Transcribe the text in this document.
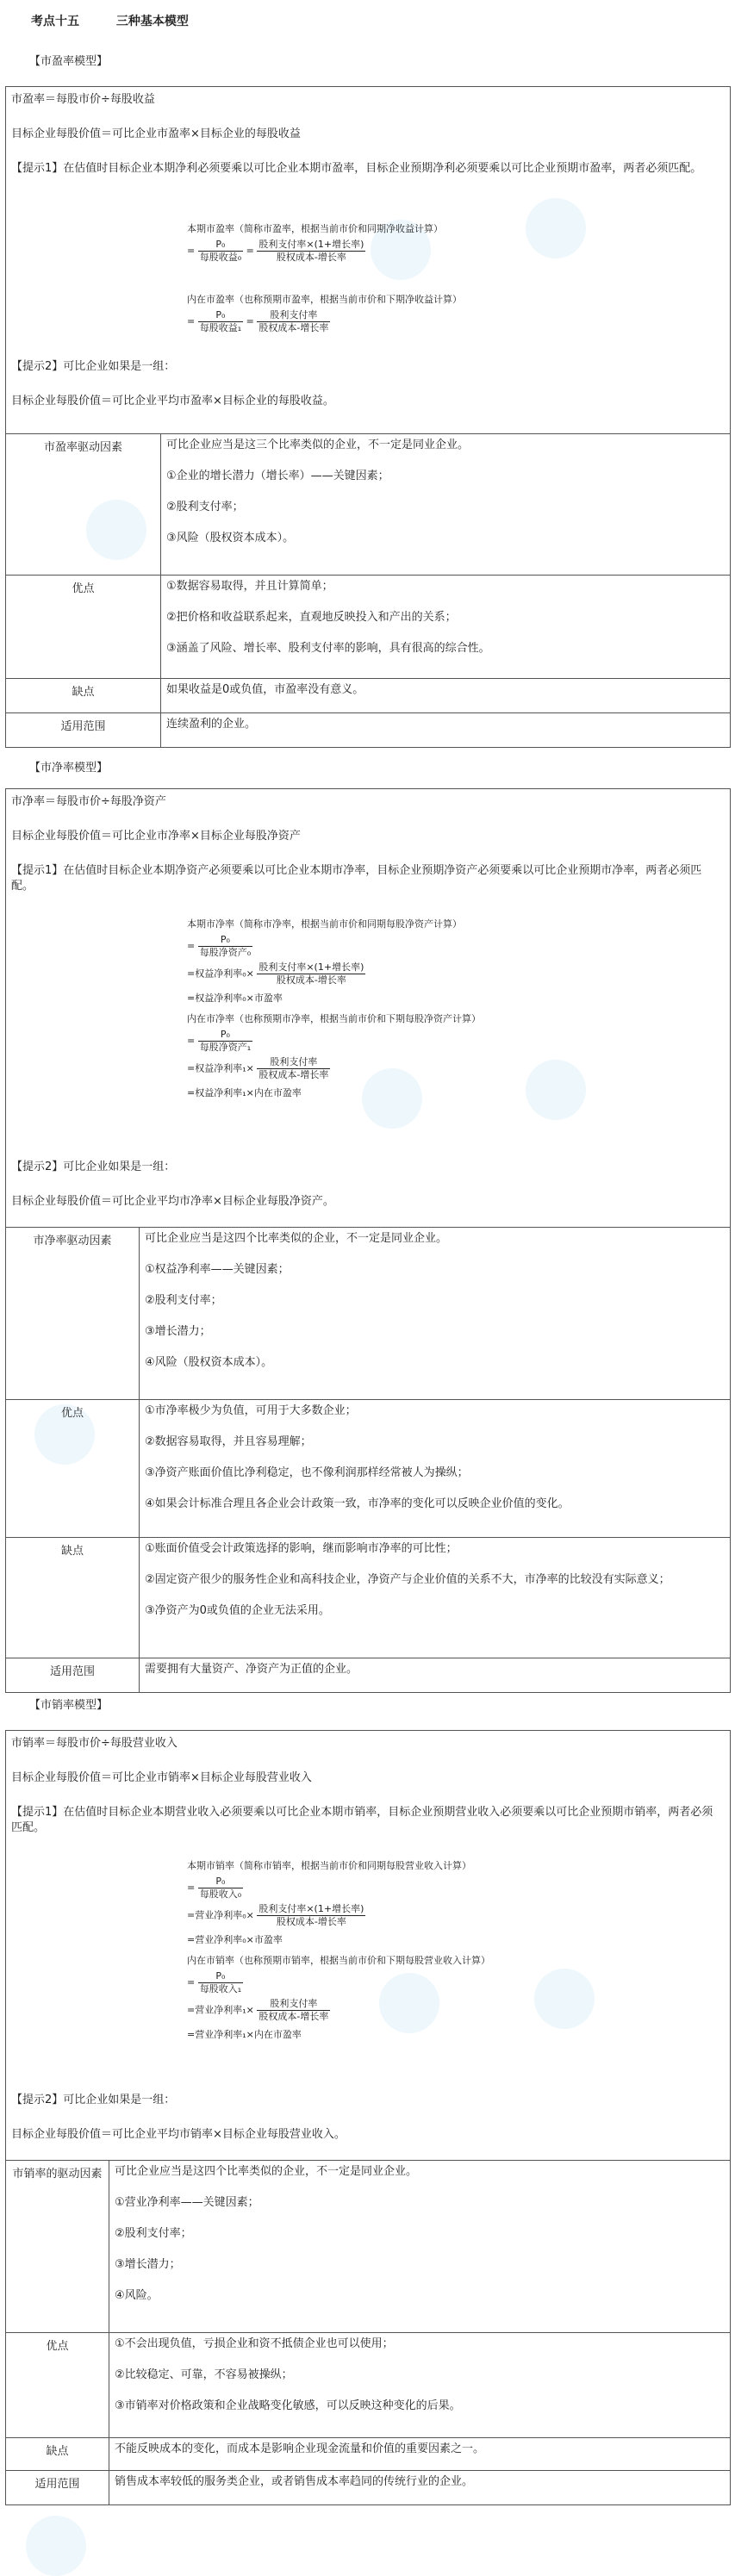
考点十五	三种基本模型
【市盈率模型】
市盈率＝每股市价÷每股收益
目标企业每股价值＝可比企业市盈率×目标企业的每股收益
【提示1】在估值时目标企业本期净利必须要乘以可比企业本期市盈率，目标企业预期净利必须要乘以可比企业预期市盈率，两者必须匹配。
本期市盈率（简称市盈率，根据当前市价和同期净收益计算）
= $\frac{\text{P₀}}{\text{每股收益₀}} = \frac{\text{股利支付率×(1+增长率)}}{\text{股权成本-增长率}}$
内在市盈率（也称预期市盈率，根据当前市价和下期净收益计算）
= $\frac{\text{P₀}}{\text{每股收益₁}} = \frac{\text{股利支付率}}{\text{股权成本-增长率}}$
【提示2】可比企业如果是一组：
目标企业每股价值＝可比企业平均市盈率×目标企业的每股收益。
市盈率驱动因素	可比企业应当是这三个比率类似的企业，不一定是同业企业。

①企业的增长潜力（增长率）——关键因素；

②股利支付率；

③风险（股权资本成本）。

优点	①数据容易取得，并且计算简单；

②把价格和收益联系起来，直观地反映投入和产出的关系；

③涵盖了风险、增长率、股利支付率的影响，具有很高的综合性。

缺点	如果收益是0或负值，市盈率没有意义。

适用范围	连续盈利的企业。

【市净率模型】
市净率＝每股市价÷每股净资产
目标企业每股价值＝可比企业市净率×目标企业每股净资产
【提示1】在估值时目标企业本期净资产必须要乘以可比企业本期市净率，目标企业预期净资产必须要乘以可比企业预期市净率，两者必须匹配。
本期市净率（简称市净率，根据当前市价和同期每股净资产计算）
= $\frac{\text{P₀}}{\text{每股净资产₀}}$
=权益净利率$_0\times \frac{\text{股利支付率×(1+增长率)}}{\text{股权成本-增长率}}$
=权益净利率₀×市盈率
内在市净率（也称预期市净率，根据当前市价和下期每股净资产计算）
= $\frac{\text{P₀}}{\text{每股净资产₁}}$
=权益净利率$_1\times \frac{\text{股利支付率}}{\text{股权成本-增长率}}$
=权益净利率₁×内在市盈率
【提示2】可比企业如果是一组：
目标企业每股价值＝可比企业平均市净率×目标企业每股净资产。
市净率驱动因素	可比企业应当是这四个比率类似的企业，不一定是同业企业。

①权益净利率——关键因素；

②股利支付率；

③增长潜力；

④风险（股权资本成本）。

优点	①市净率极少为负值，可用于大多数企业；

②数据容易取得，并且容易理解；

③净资产账面价值比净利稳定，也不像利润那样经常被人为操纵；

④如果会计标准合理且各企业会计政策一致，市净率的变化可以反映企业价值的变化。

缺点	①账面价值受会计政策选择的影响，继而影响市净率的可比性；

②固定资产很少的服务性企业和高科技企业，净资产与企业价值的关系不大，市净率的比较没有实际意义；

③净资产为0或负值的企业无法采用。

适用范围	需要拥有大量资产、净资产为正值的企业。

【市销率模型】
市销率＝每股市价÷每股营业收入
目标企业每股价值＝可比企业市销率×目标企业每股营业收入
【提示1】在估值时目标企业本期营业收入必须要乘以可比企业本期市销率，目标企业预期营业收入必须要乘以可比企业预期市销率，两者必须匹配。
本期市销率（简称市销率，根据当前市价和同期每股营业收入计算）
= $\frac{\text{P₀}}{\text{每股收入₀}}$
=营业净利率$_0\times \frac{\text{股利支付率×(1+增长率)}}{\text{股权成本-增长率}}$
=营业净利率₀×市盈率
内在市销率（也称预期市销率，根据当前市价和下期每股营业收入计算）
= $\frac{\text{P₀}}{\text{每股收入₁}}$
=营业净利率$_1\times \frac{\text{股利支付率}}{\text{股权成本-增长率}}$
=营业净利率₁×内在市盈率
【提示2】可比企业如果是一组：
目标企业每股价值＝可比企业平均市销率×目标企业每股营业收入。
市销率的驱动因素	可比企业应当是这四个比率类似的企业，不一定是同业企业。

①营业净利率——关键因素；

②股利支付率；

③增长潜力；

④风险。

优点	①不会出现负值，亏损企业和资不抵债企业也可以使用；

②比较稳定、可靠，不容易被操纵；

③市销率对价格政策和企业战略变化敏感，可以反映这种变化的后果。

缺点	不能反映成本的变化，而成本是影响企业现金流量和价值的重要因素之一。

适用范围	销售成本率较低的服务类企业，或者销售成本率趋同的传统行业的企业。
